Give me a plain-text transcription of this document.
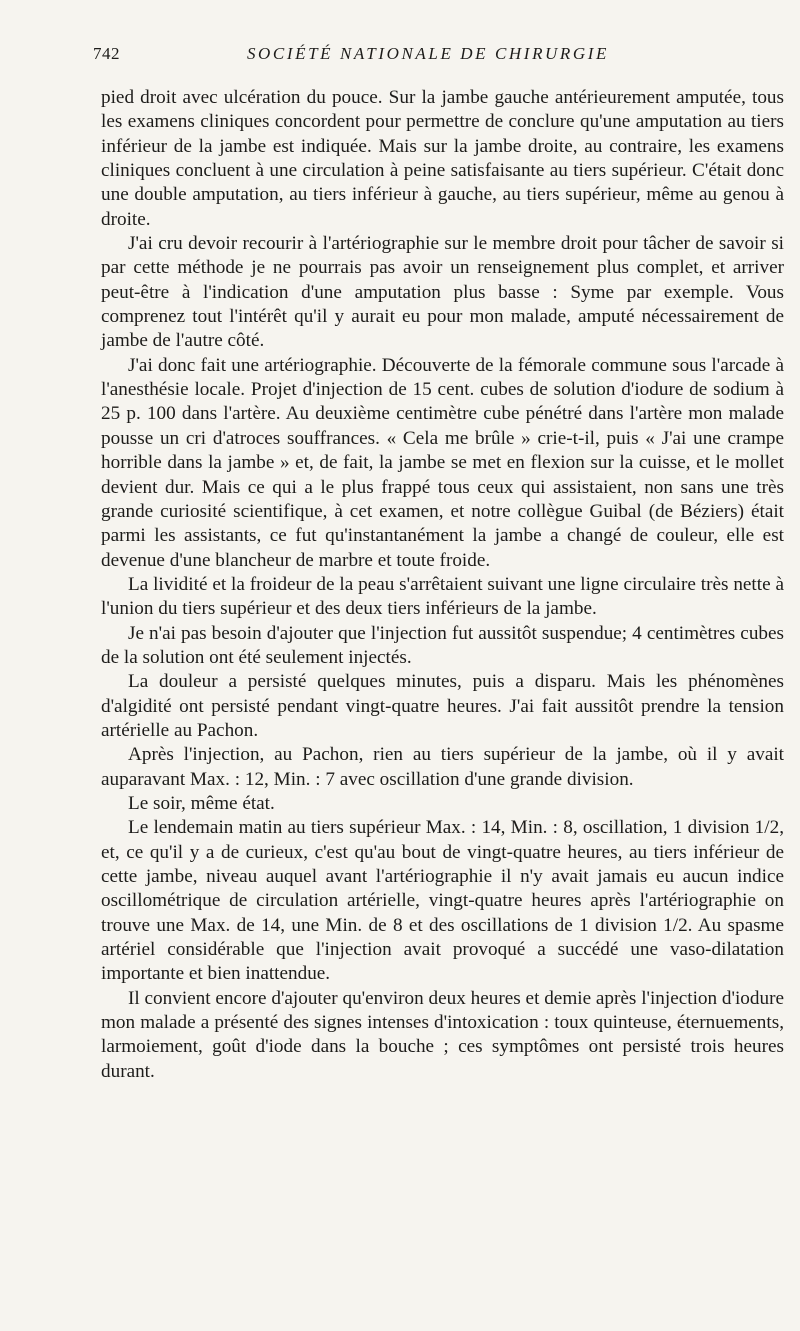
742	SOCIÉTÉ NATIONALE DE CHIRURGIE

pied droit avec ulcération du pouce. Sur la jambe gauche antérieurement amputée, tous les examens cliniques concordent pour permettre de conclure qu'une amputation au tiers inférieur de la jambe est indiquée. Mais sur la jambe droite, au contraire, les examens cliniques concluent à une circulation à peine satisfaisante au tiers supérieur. C'était donc une double amputation, au tiers inférieur à gauche, au tiers supérieur, même au genou à droite.

J'ai cru devoir recourir à l'artériographie sur le membre droit pour tâcher de savoir si par cette méthode je ne pourrais pas avoir un renseignement plus complet, et arriver peut-être à l'indication d'une amputation plus basse : Syme par exemple. Vous comprenez tout l'intérêt qu'il y aurait eu pour mon malade, amputé nécessairement de jambe de l'autre côté.

J'ai donc fait une artériographie. Découverte de la fémorale commune sous l'arcade à l'anesthésie locale. Projet d'injection de 15 cent. cubes de solution d'iodure de sodium à 25 p. 100 dans l'artère. Au deuxième centimètre cube pénétré dans l'artère mon malade pousse un cri d'atroces souffrances. « Cela me brûle » crie-t-il, puis « J'ai une crampe horrible dans la jambe » et, de fait, la jambe se met en flexion sur la cuisse, et le mollet devient dur. Mais ce qui a le plus frappé tous ceux qui assistaient, non sans une très grande curiosité scientifique, à cet examen, et notre collègue Guibal (de Béziers) était parmi les assistants, ce fut qu'instantanément la jambe a changé de couleur, elle est devenue d'une blancheur de marbre et toute froide.

La lividité et la froideur de la peau s'arrêtaient suivant une ligne circulaire très nette à l'union du tiers supérieur et des deux tiers inférieurs de la jambe.

Je n'ai pas besoin d'ajouter que l'injection fut aussitôt suspendue; 4 centimètres cubes de la solution ont été seulement injectés.

La douleur a persisté quelques minutes, puis a disparu. Mais les phénomènes d'algidité ont persisté pendant vingt-quatre heures. J'ai fait aussitôt prendre la tension artérielle au Pachon.

Après l'injection, au Pachon, rien au tiers supérieur de la jambe, où il y avait auparavant Max. : 12, Min. : 7 avec oscillation d'une grande division.

Le soir, même état.

Le lendemain matin au tiers supérieur Max. : 14, Min. : 8, oscillation, 1 division 1/2, et, ce qu'il y a de curieux, c'est qu'au bout de vingt-quatre heures, au tiers inférieur de cette jambe, niveau auquel avant l'artériographie il n'y avait jamais eu aucun indice oscillométrique de circulation artérielle, vingt-quatre heures après l'artériographie on trouve une Max. de 14, une Min. de 8 et des oscillations de 1 division 1/2. Au spasme artériel considérable que l'injection avait provoqué a succédé une vaso-dilatation importante et bien inattendue.

Il convient encore d'ajouter qu'environ deux heures et demie après l'injection d'iodure mon malade a présenté des signes intenses d'intoxication : toux quinteuse, éternuements, larmoiement, goût d'iode dans la bouche ; ces symptômes ont persisté trois heures durant.
